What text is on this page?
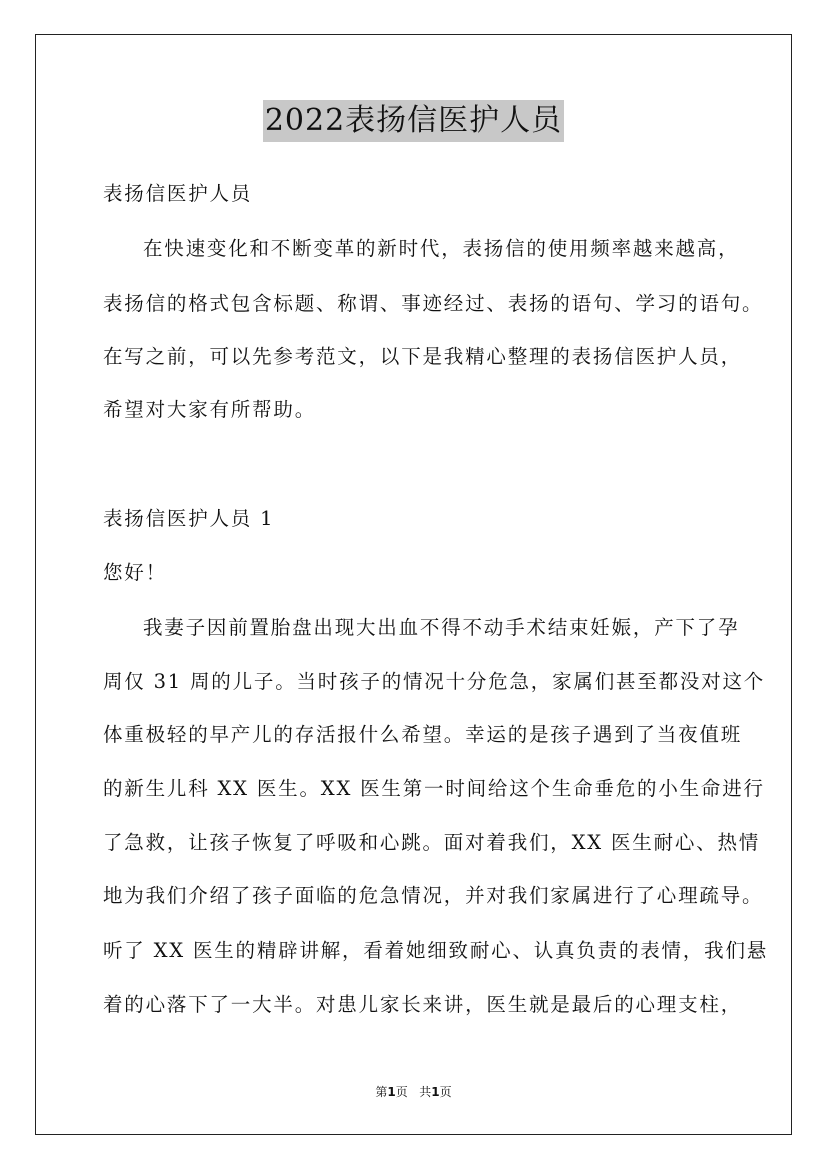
2022表扬信医护人员
表扬信医护人员
在快速变化和不断变革的新时代，表扬信的使用频率越来越高，
表扬信的格式包含标题、称谓、事迹经过、表扬的语句、学习的语句。
在写之前，可以先参考范文，以下是我精心整理的表扬信医护人员，
希望对大家有所帮助。
表扬信医护人员 1
您好！
我妻子因前置胎盘出现大出血不得不动手术结束妊娠，产下了孕
周仅 31 周的儿子。当时孩子的情况十分危急，家属们甚至都没对这个
体重极轻的早产儿的存活报什么希望。幸运的是孩子遇到了当夜值班
的新生儿科 XX 医生。XX 医生第一时间给这个生命垂危的小生命进行
了急救，让孩子恢复了呼吸和心跳。面对着我们，XX 医生耐心、热情
地为我们介绍了孩子面临的危急情况，并对我们家属进行了心理疏导。
听了 XX 医生的精辟讲解，看着她细致耐心、认真负责的表情，我们悬
着的心落下了一大半。对患儿家长来讲，医生就是最后的心理支柱，
第1页 共1页
